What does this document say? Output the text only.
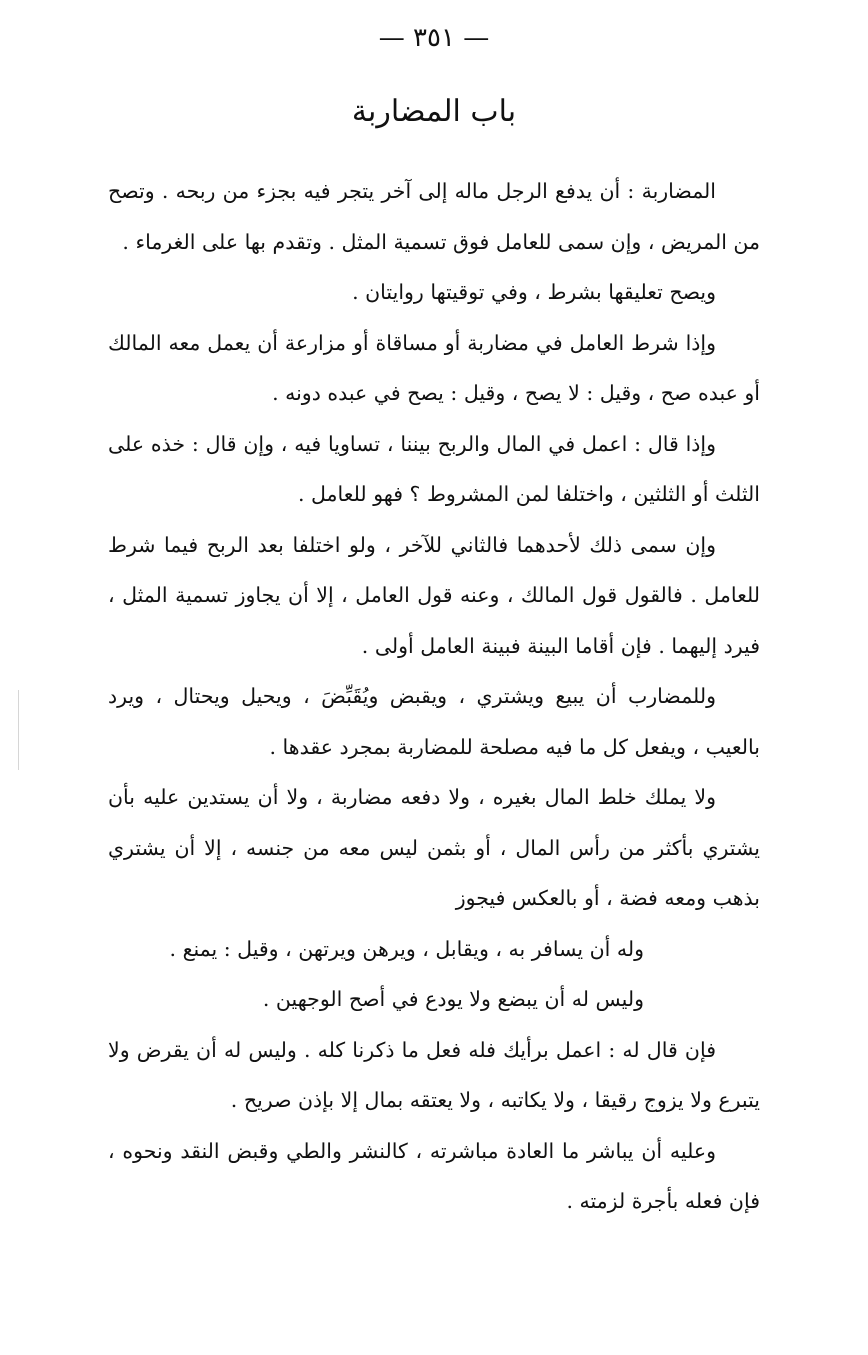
— ٣٥١ —
باب المضاربة

المضاربة : أن يدفع الرجل ماله إلى آخر يتجر فيه بجزء من ربحه . وتصح من المريض ، وإن سمى للعامل فوق تسمية المثل . وتقدم بها على الغرماء .

ويصح تعليقها بشرط ، وفي توقيتها روايتان .

وإذا شرط العامل في مضاربة أو مساقاة أو مزارعة أن يعمل معه المالك أو عبده صح ، وقيل : لا يصح ، وقيل : يصح في عبده دونه .

وإذا قال : اعمل في المال والربح بيننا ، تساويا فيه ، وإن قال : خذه على الثلث أو الثلثين ، واختلفا لمن المشروط ؟ فهو للعامل .

وإن سمى ذلك لأحدهما فالثاني للآخر ، ولو اختلفا بعد الربح فيما شرط للعامل . فالقول قول المالك ، وعنه قول العامل ، إلا أن يجاوز تسمية المثل ، فيرد إليهما . فإن أقاما البينة فبينة العامل أولى .

وللمضارب أن يبيع ويشتري ، ويقبض ويُقَبِّضَ ، ويحيل ويحتال ، ويرد بالعيب ، ويفعل كل ما فيه مصلحة للمضاربة بمجرد عقدها .

ولا يملك خلط المال بغيره ، ولا دفعه مضاربة ، ولا أن يستدين عليه بأن يشتري بأكثر من رأس المال ، أو بثمن ليس معه من جنسه ، إلا أن يشتري بذهب ومعه فضة ، أو بالعكس فيجوز

وله أن يسافر به ، ويقابل ، ويرهن ويرتهن ، وقيل : يمنع .

وليس له أن يبضع ولا يودع في أصح الوجهين .

فإن قال له : اعمل برأيك فله فعل ما ذكرنا كله . وليس له أن يقرض ولا يتبرع ولا يزوج رقيقا ، ولا يكاتبه ، ولا يعتقه بمال إلا بإذن صريح .

وعليه أن يباشر ما العادة مباشرته ، كالنشر والطي وقبض النقد ونحوه ، فإن فعله بأجرة لزمته .
